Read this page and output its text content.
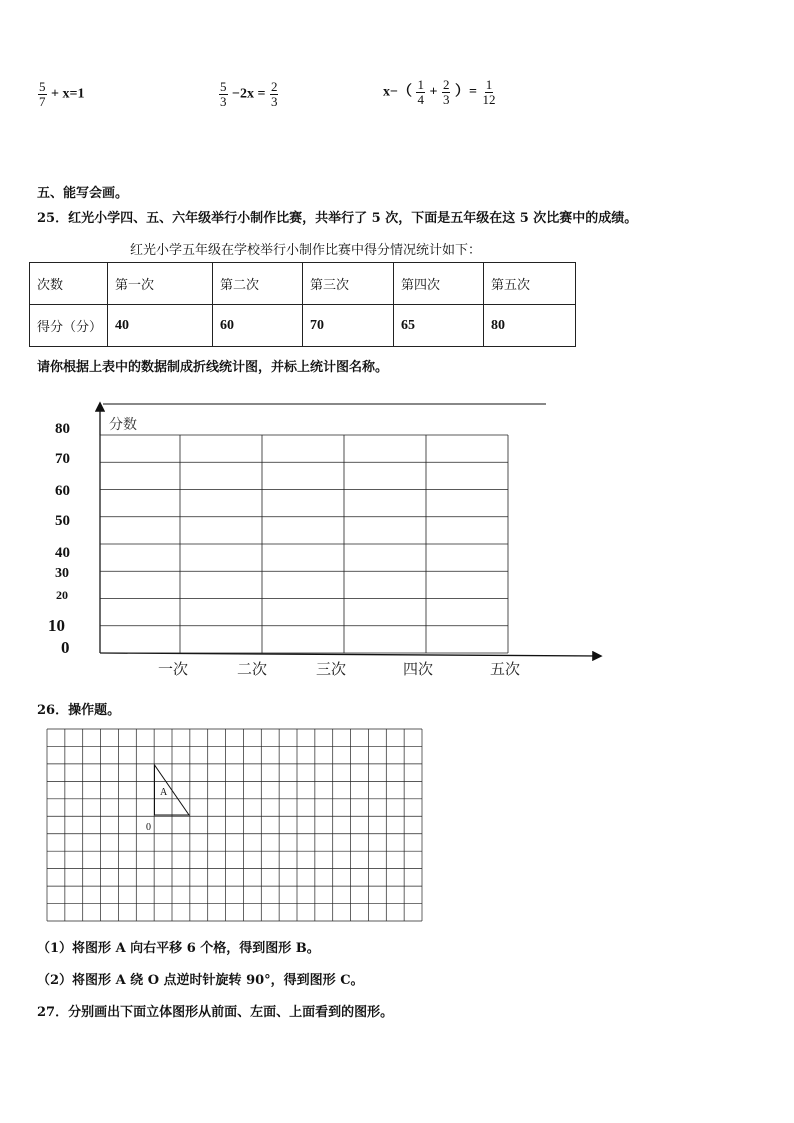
$\frac{5}{7} + x=1$	$\frac{5}{3} -2x = \frac{2}{3}$	$x-( \frac{1}{4} + \frac{2}{3}$ ）= $\frac{1}{12}$
五、能写会画。
25．红光小学四、五、六年级举行小制作比赛，共举行了 5 次，下面是五年级在这 5 次比赛中的成绩。
红光小学五年级在学校举行小制作比赛中得分情况统计如下：
次数	第一次	第二次	第三次	第四次	第五次
得分（分）	40	60	70	65	80
请你根据上表中的数据制成折线统计图，并标上统计图名称。
分数
80
70
60
50
40
30
20
10
0
一次	二次	三次	四次	五次
26．操作题。
A
0
（1）将图形 A 向右平移 6 个格，得到图形 B。
（2）将图形 A 绕 O 点逆时针旋转 90°，得到图形 C。
27．分别画出下面立体图形从前面、左面、上面看到的图形。
